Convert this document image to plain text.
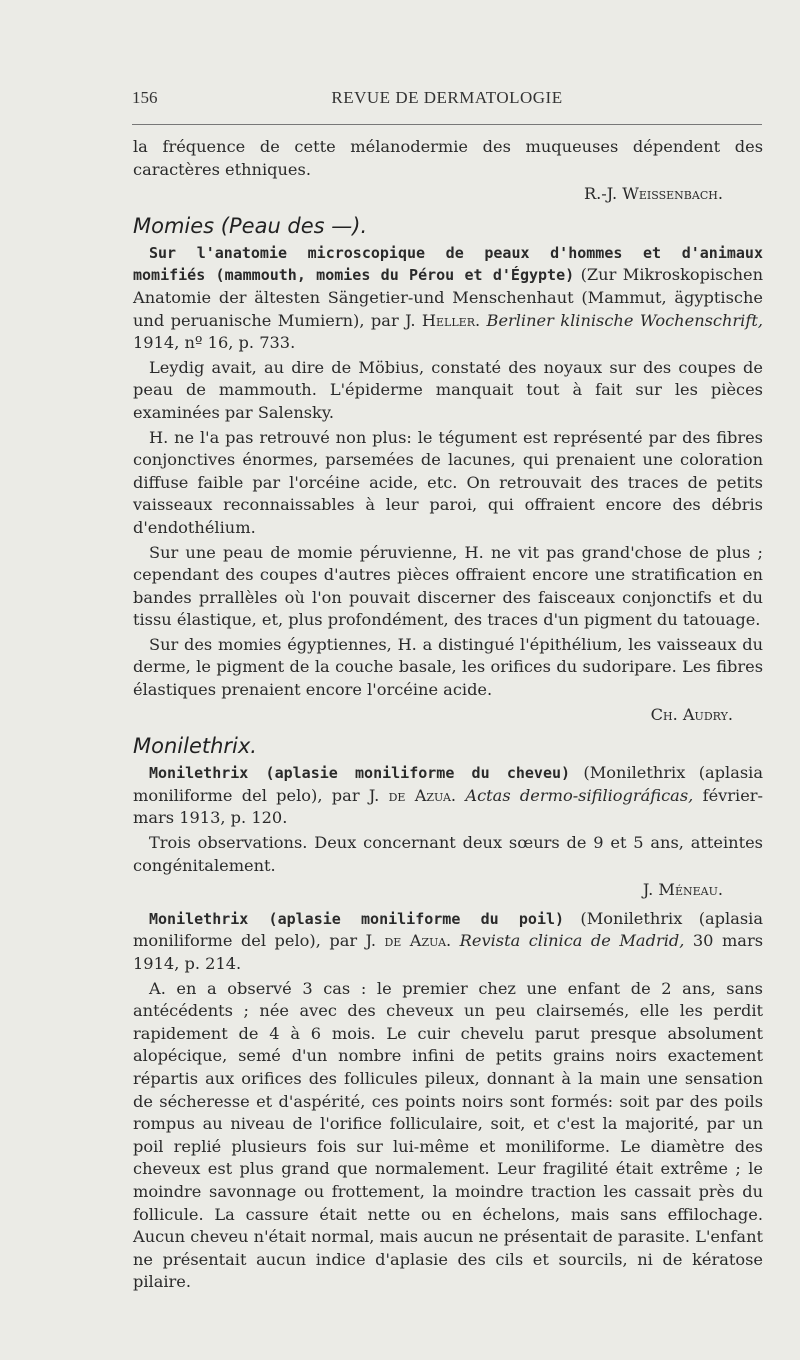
156	REVUE DE DERMATOLOGIE

la fréquence de cette mélanodermie des muqueuses dépendent des caractères ethniques.

R.-J. Weissenbach.

Momies (Peau des —).

Sur l'anatomie microscopique de peaux d'hommes et d'animaux momifiés (mammouth, momies du Pérou et d'Égypte) (Zur Mikroskopischen Anatomie der ältesten Sängetier-und Menschenhaut (Mammut, ägyptische und peruanische Mumiern), par J. Heller. Berliner klinische Wochenschrift, 1914, nº 16, p. 733.

Leydig avait, au dire de Möbius, constaté des noyaux sur des coupes de peau de mammouth. L'épiderme manquait tout à fait sur les pièces examinées par Salensky.

H. ne l'a pas retrouvé non plus: le tégument est représenté par des fibres conjonctives énormes, parsemées de lacunes, qui prenaient une coloration diffuse faible par l'orcéine acide, etc. On retrouvait des traces de petits vaisseaux reconnaissables à leur paroi, qui offraient encore des débris d'endothélium.

Sur une peau de momie péruvienne, H. ne vit pas grand'chose de plus ; cependant des coupes d'autres pièces offraient encore une stratification en bandes prrallèles où l'on pouvait discerner des faisceaux conjonctifs et du tissu élastique, et, plus profondément, des traces d'un pigment du tatouage.

Sur des momies égyptiennes, H. a distingué l'épithélium, les vaisseaux du derme, le pigment de la couche basale, les orifices du sudoripare. Les fibres élastiques prenaient encore l'orcéine acide.

Ch. Audry.

Monilethrix.

Monilethrix (aplasie moniliforme du cheveu) (Monilethrix (aplasia moniliforme del pelo), par J. de Azua. Actas dermo-sifiliográficas, février-mars 1913, p. 120.

Trois observations. Deux concernant deux sœurs de 9 et 5 ans, atteintes congénitalement.

J. Méneau.

Monilethrix (aplasie moniliforme du poil) (Monilethrix (aplasia moniliforme del pelo), par J. de Azua. Revista clinica de Madrid, 30 mars 1914, p. 214.

A. en a observé 3 cas : le premier chez une enfant de 2 ans, sans antécédents ; née avec des cheveux un peu clairsemés, elle les perdit rapidement de 4 à 6 mois. Le cuir chevelu parut presque absolument alopécique, semé d'un nombre infini de petits grains noirs exactement répartis aux orifices des follicules pileux, donnant à la main une sensation de sécheresse et d'aspérité, ces points noirs sont formés: soit par des poils rompus au niveau de l'orifice folliculaire, soit, et c'est la majorité, par un poil replié plusieurs fois sur lui-même et moniliforme. Le diamètre des cheveux est plus grand que normalement. Leur fragilité était extrême ; le moindre savonnage ou frottement, la moindre traction les cassait près du follicule. La cassure était nette ou en échelons, mais sans effilochage. Aucun cheveu n'était normal, mais aucun ne présentait de parasite. L'enfant ne présentait aucun indice d'aplasie des cils et sourcils, ni de kératose pilaire.
